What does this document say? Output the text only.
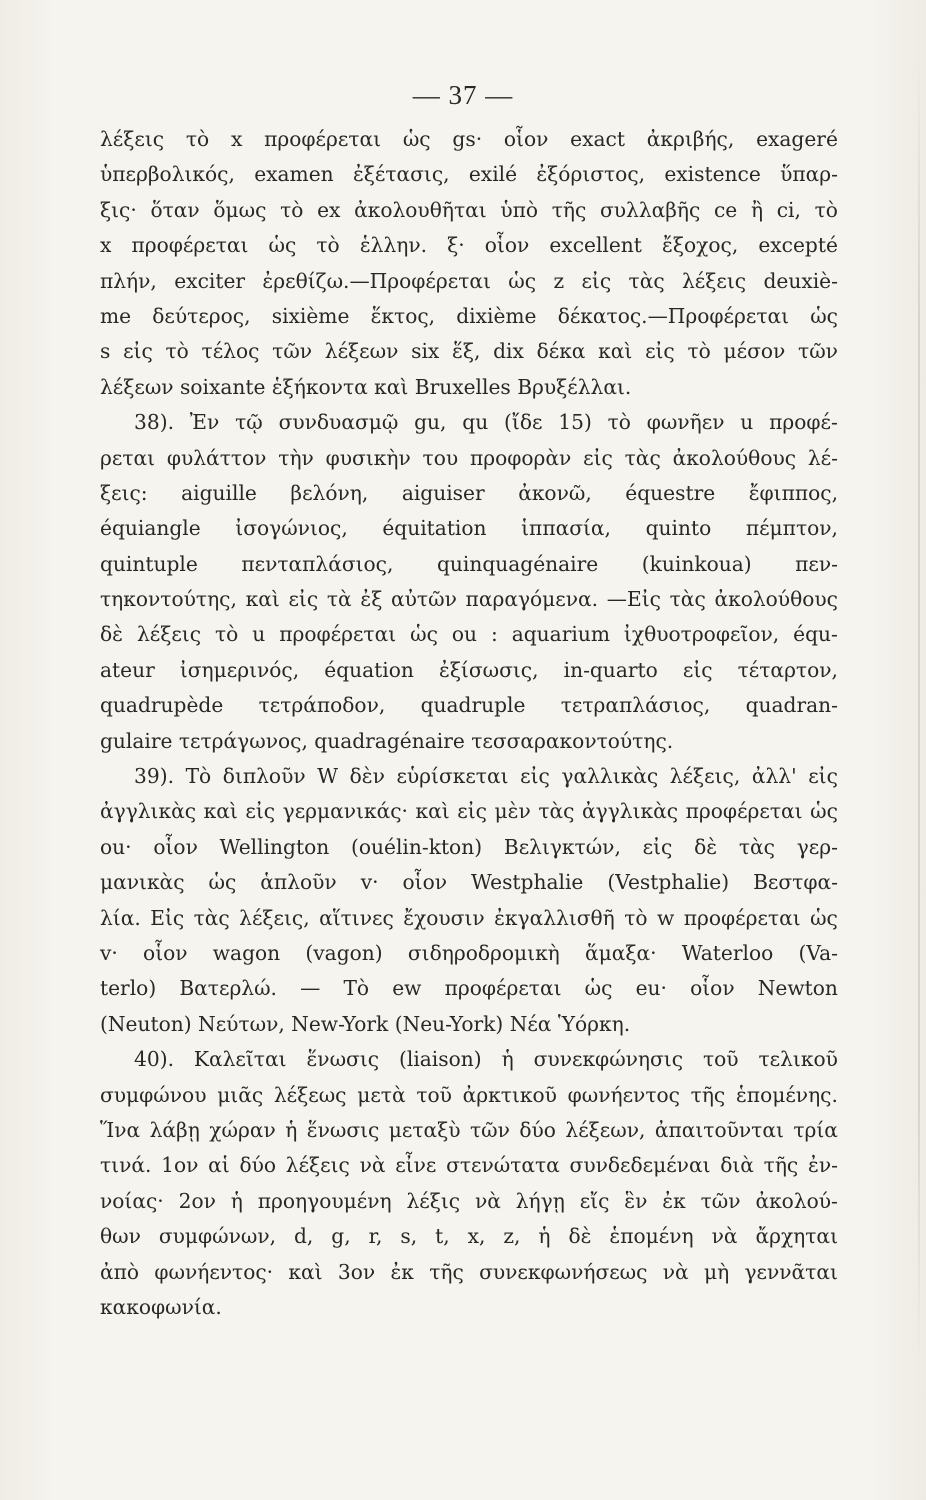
— 37 —
λέξεις τὸ x προφέρεται ὡς gs· οἷον exact ἀκριβής, exageré
ὑπερβολικός, examen ἐξέτασις, exilé ἐξόριστος, existence ὕπαρ-
ξις· ὅταν ὅμως τὸ ex ἀκολουθῆται ὑπὸ τῆς συλλαβῆς ce ἢ ci, τὸ
x προφέρεται ὡς τὸ ἑλλην. ξ· οἷον excellent ἔξοχος, excepté
πλήν, exciter ἐρεθίζω.—Προφέρεται ὡς z εἰς τὰς λέξεις deuxiè-
me δεύτερος, sixième ἕκτος, dixième δέκατος.—Προφέρεται ὡς
s εἰς τὸ τέλος τῶν λέξεων six ἕξ, dix δέκα καὶ εἰς τὸ μέσον τῶν
λέξεων soixante ἑξήκοντα καὶ Bruxelles Βρυξέλλαι.
38). Ἐν τῷ συνδυασμῷ gu, qu (ἴδε 15) τὸ φωνῆεν u προφέ-
ρεται φυλάττον τὴν φυσικὴν του προφορὰν εἰς τὰς ἀκολούθους λέ-
ξεις: aiguille βελόνη, aiguiser ἀκονῶ, équestre ἔφιππος,
équiangle ἰσογώνιος, équitation ἱππασία, quinto πέμπτον,
quintuple πενταπλάσιος, quinquagénaire (kuinkoua) πεν-
τηκοντούτης, καὶ εἰς τὰ ἐξ αὐτῶν παραγόμενα. —Εἰς τὰς ἀκολούθους
δὲ λέξεις τὸ u προφέρεται ὡς ou : aquarium ἰχθυοτροφεῖον, équ-
ateur ἰσημερινός, équation ἐξίσωσις, in-quarto εἰς τέταρτον,
quadrupède τετράποδον, quadruple τετραπλάσιος, quadran-
gulaire τετράγωνος, quadragénaire τεσσαρακοντούτης.
39). Τὸ διπλοῦν W δὲν εὑρίσκεται εἰς γαλλικὰς λέξεις, ἀλλ' εἰς
ἀγγλικὰς καὶ εἰς γερμανικάς· καὶ εἰς μὲν τὰς ἀγγλικὰς προφέρεται ὡς
ou· οἷον Wellington (ouélin-kton) Βελιγκτών, εἰς δὲ τὰς γερ-
μανικὰς ὡς ἁπλοῦν v· οἷον Westphalie (Vestphalie) Βεστφα-
λία. Εἰς τὰς λέξεις, αἵτινες ἔχουσιν ἐκγαλλισθῆ τὸ w προφέρεται ὡς
v· οἷον wagon (vagon) σιδηροδρομικὴ ἅμαξα· Waterloo (Va-
terlo) Βατερλώ. — Τὸ ew προφέρεται ὡς eu· οἷον Newton
(Neuton) Νεύτων, New-York (Neu-York) Νέα Ὑόρκη.
40). Καλεῖται ἕνωσις (liaison) ἡ συνεκφώνησις τοῦ τελικοῦ
συμφώνου μιᾶς λέξεως μετὰ τοῦ ἀρκτικοῦ φωνήεντος τῆς ἑπομένης.
Ἵνα λάβῃ χώραν ἡ ἕνωσις μεταξὺ τῶν δύο λέξεων, ἀπαιτοῦνται τρία
τινά. 1ον αἱ δύο λέξεις νὰ εἶνε στενώτατα συνδεδεμέναι διὰ τῆς ἐν-
νοίας· 2ον ἡ προηγουμένη λέξις νὰ λήγῃ εἴς ἓν ἐκ τῶν ἀκολού-
θων συμφώνων, d, g, r, s, t, x, z, ἡ δὲ ἑπομένη νὰ ἄρχηται
ἀπὸ φωνήεντος· καὶ 3ον ἐκ τῆς συνεκφωνήσεως νὰ μὴ γεννᾶται
κακοφωνία.
